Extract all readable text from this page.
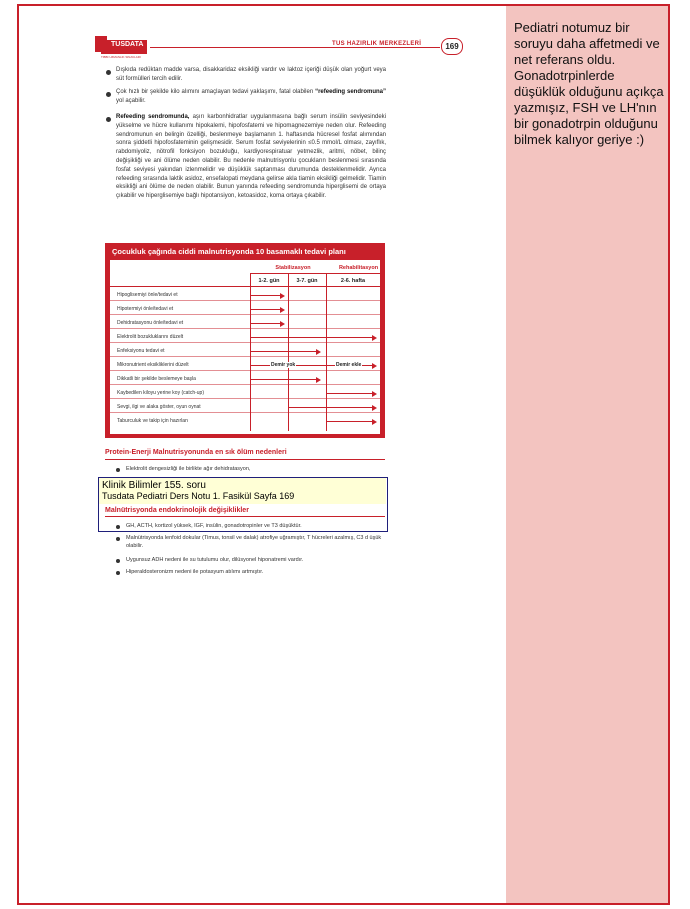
TUSDATA
TIBBI UZMANLIK SINAVLARI
TUS HAZIRLIK MERKEZLERİ	169
Dışkıda redüktan madde varsa, disakkaridaz eksikliği vardır ve laktoz içeriği düşük olan yoğurt veya süt formülleri tercih edilir.
Çok hızlı bir şekilde kilo alımını amaçlayan tedavi yaklaşımı, fatal olabilen “refeeding sendromuna” yol açabilir.
Refeeding sendromunda, aşırı karbonhidratlar uygulanmasına bağlı serum insülin seviyesindeki yükselme ve hücre kullanımı hipokalemi, hipofosfatemi ve hipomagnezemiye neden olur. Refeeding sendromunun en belirgin özelliği, beslenmeye başlamanın 1. haftasında hücresel fosfat alımından sonra şiddetli hipofosfateminin gelişmesidir. Serum fosfat seviyelerinin ≤0.5 mmol/L olması, zayıflık, rabdomiyoliz, nötrofil fonksiyon bozukluğu, kardiyorespiratuar yetmezlik, aritmi, nöbet, bilinç değişikliği ve ani ölüme neden olabilir. Bu nedenle malnutrisyonlu çocukların beslenmesi sırasında fosfat seviyesi yakından izlenmelidir ve düşüklük saptanması durumunda desteklenmelidir. Ayrıca refeeding sırasında laktik asidoz, ensefalopati meydana gelirse akla tiamin eksikliği gelmelidir. Tiamin eksikliği ani ölüme de neden olabilir. Bunun yanında refeeding sendromunda hiperglisemi de ortaya çıkabilir ve hiperglisemiye bağlı hipotansiyon, ketoasidoz, koma ortaya çıkabilir.
Çocukluk çağında ciddi malnutrisyonda 10 basamaklı tedavi planı
Stabilizasyon	Rehabilitasyon
1-2. gün	3-7. gün	2-6. hafta
Hipoglisemiyi önle/tedavi et
Hipotermiyi önle/tedavi et
Dehidratasyonu önle/tedavi et
Elektrolit bozukluklarını düzelt
Enfeksiyonu tedavi et
Mikronutrient eksikliklerini düzelt	Demir yok	Demir ekle
Dikkatli bir şekilde beslemeye başla
Kaybedilen kiloyu yerine koy (catch-up)
Sevgi, ilgi ve alaka göster, oyun oynat
Taburculuk ve takip için hazırlan
Protein-Enerji Malnutrisyonunda en sık ölüm nedenleri
Elektrolit dengesizliği ile birlikte ağır dehidratasyon,
Klinik Bilimler 155. soru
Tusdata Pediatri Ders Notu 1. Fasikül Sayfa 169
Malnütrisyonda endokrinolojik değişiklikler
GH, ACTH, kortizol yüksek, IGF, insülin, gonadotropinler ve T3 düşüktür.
Malnütrisyonda lenfoid dokular (Timus, tonsil ve dalak) atrofiye uğramıştır, T hücreleri azalmış, C3 d üşük olabilir.
Uygunsuz ADH nedeni ile su tutulumu olur, dilüsyonel hiponatremi vardır.
Hiperaldosteronizm nedeni ile potasyum atılımı artmıştır.
Pediatri notumuz bir soruyu daha affetmedi ve net referans oldu. Gonadotrpinlerde düşüklük olduğunu açıkça yazmışız, FSH ve LH'nın bir gonadotrpin olduğunu bilmek kalıyor geriye :)
